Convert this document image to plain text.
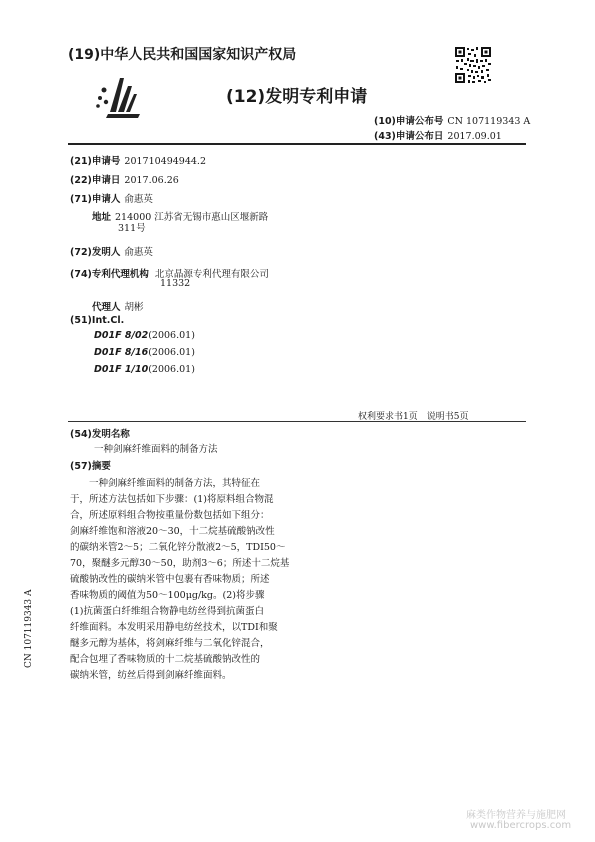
(19)中华人民共和国国家知识产权局
(12)发明专利申请
(10)申请公布号 CN 107119343 A
(43)申请公布日 2017.09.01
(21)申请号 201710494944.2
(22)申请日 2017.06.26
(71)申请人 俞惠英
地址 214000 江苏省无锡市惠山区堰新路
311号
(72)发明人 俞惠英
(74)专利代理机构 北京晶源专利代理有限公司
11332
代理人 胡彬
(51)Int.Cl.
D01F 8/02(2006.01)
D01F 8/16(2006.01)
D01F 1/10(2006.01)
权利要求书1页　说明书5页
(54)发明名称
一种剑麻纤维面料的制备方法
(57)摘要
　　一种剑麻纤维面料的制备方法，其特征在
于，所述方法包括如下步骤：(1)将原料组合物混
合，所述原料组合物按重量份数包括如下组分：
剑麻纤维饱和溶液20～30，十二烷基硫酸钠改性
的碳纳米管2～5；二氧化锌分散液2～5，TDI50～
70，聚醚多元醇30～50，助剂3～6；所述十二烷基
硫酸钠改性的碳纳米管中包裹有香味物质；所述
香味物质的阈值为50～100μg/kg。(2)将步骤
(1)抗菌蛋白纤维组合物静电纺丝得到抗菌蛋白
纤维面料。本发明采用静电纺丝技术，以TDI和聚
醚多元醇为基体，将剑麻纤维与二氧化锌混合，
配合包埋了香味物质的十二烷基硫酸钠改性的
碳纳米管，纺丝后得到剑麻纤维面料。
CN 107119343 A
麻类作物营养与施肥网
www.fibercrops.com
